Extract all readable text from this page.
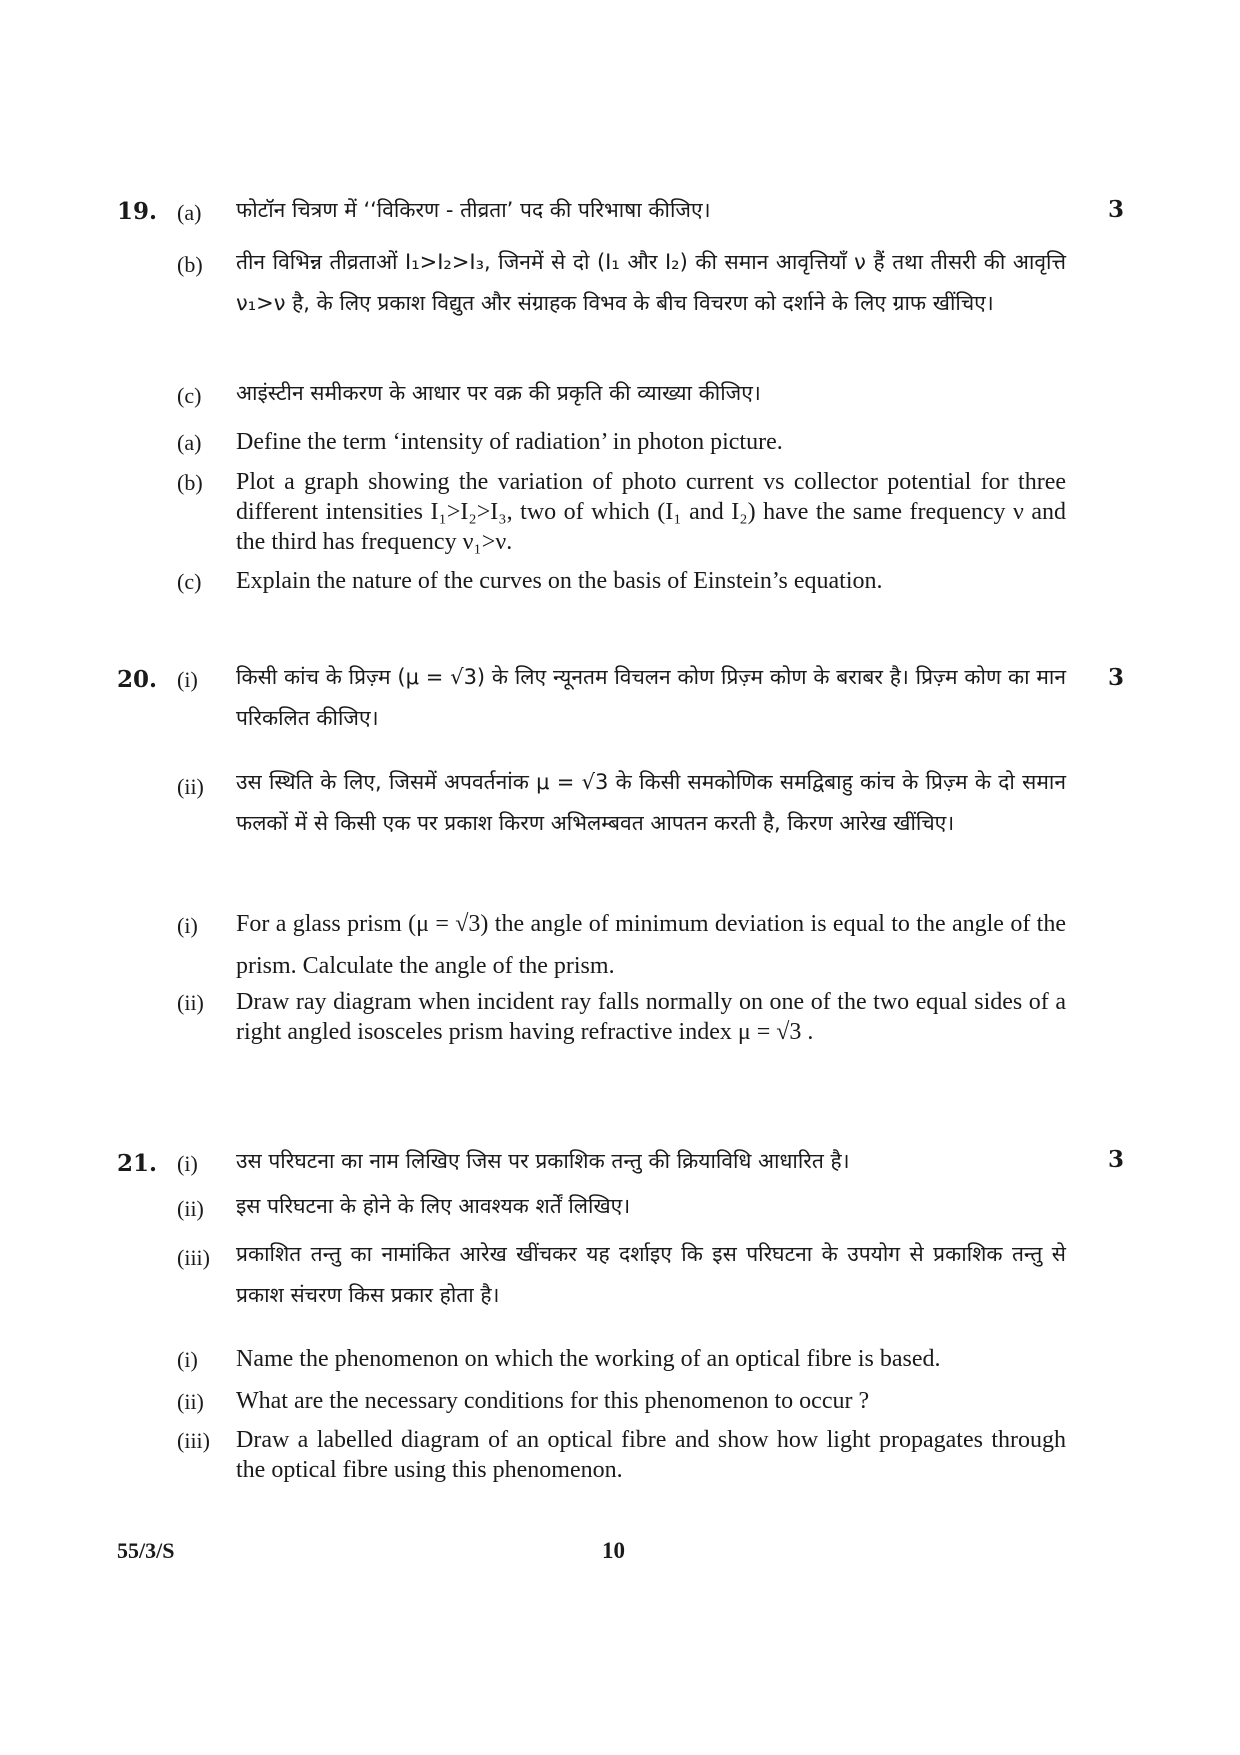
19.	3
(a) फोटॉन चित्रण में ‘‘विकिरण - तीव्रता’ पद की परिभाषा कीजिए।
(b) तीन विभिन्न तीव्रताओं I₁>I₂>I₃, जिनमें से दो (I₁ और I₂) की समान आवृत्तियाँ ν हैं तथा तीसरी की आवृत्ति ν₁>ν है, के लिए प्रकाश विद्युत और संग्राहक विभव के बीच विचरण को दर्शाने के लिए ग्राफ खींचिए।
(c) आइंस्टीन समीकरण के आधार पर वक्र की प्रकृति की व्याख्या कीजिए।
(a) Define the term ‘intensity of radiation’ in photon picture.
(b) Plot a graph showing the variation of photo current vs collector potential for three different intensities I₁>I₂>I₃, two of which (I₁ and I₂) have the same frequency ν and the third has frequency ν₁>ν.
(c) Explain the nature of the curves on the basis of Einstein’s equation.
20.	3
(i) किसी कांच के प्रिज़्म (μ = √3) के लिए न्यूनतम विचलन कोण प्रिज़्म कोण के बराबर है। प्रिज़्म कोण का मान परिकलित कीजिए।
(ii) उस स्थिति के लिए, जिसमें अपवर्तनांक μ = √3 के किसी समकोणिक समद्विबाहु कांच के प्रिज़्म के दो समान फलकों में से किसी एक पर प्रकाश किरण अभिलम्बवत आपतन करती है, किरण आरेख खींचिए।
(i) For a glass prism (μ = √3) the angle of minimum deviation is equal to the angle of the prism. Calculate the angle of the prism.
(ii) Draw ray diagram when incident ray falls normally on one of the two equal sides of a right angled isosceles prism having refractive index μ = √3 .
21.	3
(i) उस परिघटना का नाम लिखिए जिस पर प्रकाशिक तन्तु की क्रियाविधि आधारित है।
(ii) इस परिघटना के होने के लिए आवश्यक शर्तें लिखिए।
(iii) प्रकाशित तन्तु का नामांकित आरेख खींचकर यह दर्शाइए कि इस परिघटना के उपयोग से प्रकाशिक तन्तु से प्रकाश संचरण किस प्रकार होता है।
(i) Name the phenomenon on which the working of an optical fibre is based.
(ii) What are the necessary conditions for this phenomenon to occur ?
(iii) Draw a labelled diagram of an optical fibre and show how light propagates through the optical fibre using this phenomenon.
55/3/S	10
